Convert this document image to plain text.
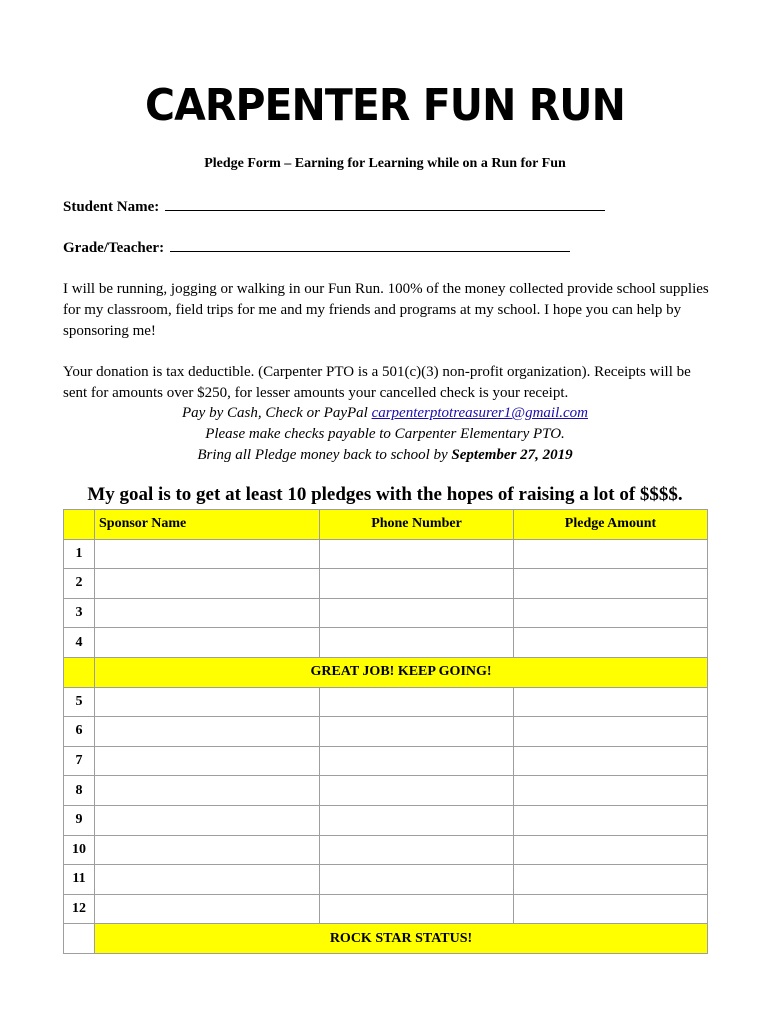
CARPENTER FUN RUN
Pledge Form – Earning for Learning while on a Run for Fun
Student Name:
Grade/Teacher:
I will be running, jogging or walking in our Fun Run. 100% of the money collected provide school supplies for my classroom, field trips for me and my friends and programs at my school. I hope you can help by sponsoring me!
Your donation is tax deductible. (Carpenter PTO is a 501(c)(3) non-profit organization). Receipts will be sent for amounts over $250, for lesser amounts your cancelled check is your receipt.
Pay by Cash, Check or PayPal carpenterptotreasurer1@gmail.com
Please make checks payable to Carpenter Elementary PTO.
Bring all Pledge money back to school by September 27, 2019
My goal is to get at least 10 pledges with the hopes of raising a lot of $$$$.
	Sponsor Name	Phone Number	Pledge Amount
1			
2			
3			
4			
	GREAT JOB! KEEP GOING!		
5			
6			
7			
8			
9			
10			
11			
12			
	ROCK STAR STATUS!		
